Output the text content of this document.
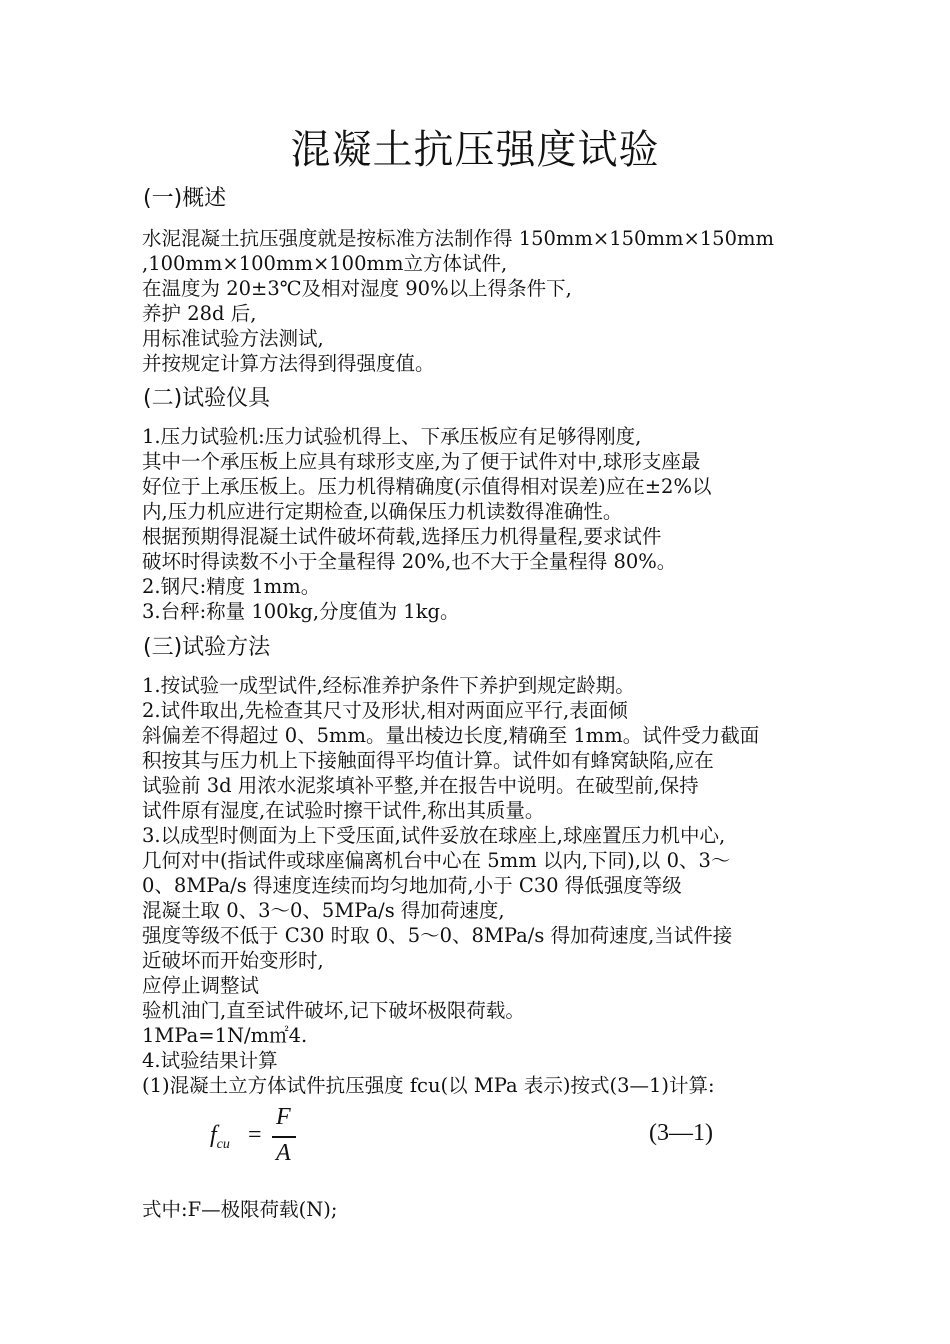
混凝土抗压强度试验
(一)概述
水泥混凝土抗压强度就是按标准方法制作得 150mm×150mm×150mm
,100mm×100mm×100mm立方体试件,
在温度为 20±3℃及相对湿度 90%以上得条件下,
养护 28d 后,
用标准试验方法测试,
并按规定计算方法得到得强度值。
(二)试验仪具
1.压力试验机:压力试验机得上、下承压板应有足够得刚度,
其中一个承压板上应具有球形支座,为了便于试件对中,球形支座最
好位于上承压板上。压力机得精确度(示值得相对误差)应在±2%以
内,压力机应进行定期检查,以确保压力机读数得准确性。
根据预期得混凝土试件破坏荷载,选择压力机得量程,要求试件
破坏时得读数不小于全量程得 20%,也不大于全量程得 80%。
2.钢尺:精度 1mm。
3.台秤:称量 100kg,分度值为 1kg。
(三)试验方法
1.按试验一成型试件,经标准养护条件下养护到规定龄期。
2.试件取出,先检查其尺寸及形状,相对两面应平行,表面倾
斜偏差不得超过 0、5mm。量出棱边长度,精确至 1mm。试件受力截面
积按其与压力机上下接触面得平均值计算。试件如有蜂窝缺陷,应在
试验前 3d 用浓水泥浆填补平整,并在报告中说明。在破型前,保持
试件原有湿度,在试验时擦干试件,称出其质量。
3.以成型时侧面为上下受压面,试件妥放在球座上,球座置压力机中心,
几何对中(指试件或球座偏离机台中心在 5mm 以内,下同),以 0、3～
0、8MPa/s 得速度连续而均匀地加荷,小于 C30 得低强度等级
混凝土取 0、3～0、5MPa/s 得加荷速度,
强度等级不低于 C30 时取 0、5～0、8MPa/s 得加荷速度,当试件接
近破坏而开始变形时,
应停止调整试
验机油门,直至试件破坏,记下破坏极限荷载。
1MPa=1N/m㎡4.
4.试验结果计算
(1)混凝土立方体试件抗压强度 fcu(以 MPa 表示)按式(3—1)计算:
$f_{cu}$ =
F
A
(3—1)
式中:F—极限荷载(N);
